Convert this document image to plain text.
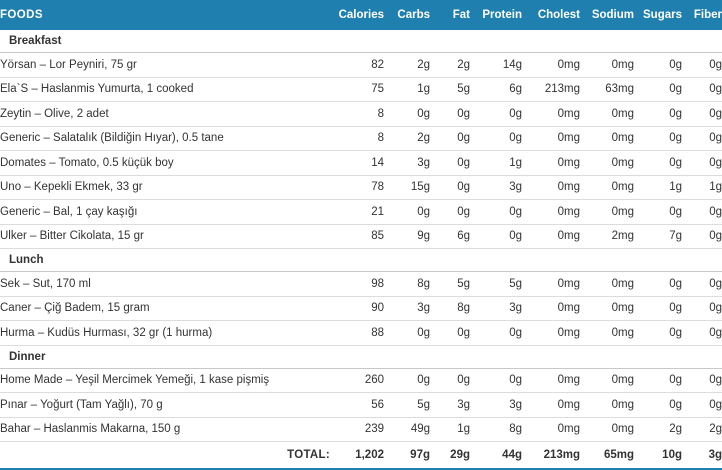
FOODS	Calories	Carbs	Fat	Protein	Cholest	Sodium	Sugars	Fiber
Breakfast								
Yörsan – Lor Peyniri, 75 gr	82	2g	2g	14g	0mg	0mg	0g	0g
Ela`S – Haslanmis Yumurta, 1 cooked	75	1g	5g	6g	213mg	63mg	0g	0g
Zeytin – Olive, 2 adet	8	0g	0g	0g	0mg	0mg	0g	0g
Generic – Salatalık (Bildiğin Hıyar), 0.5 tane	8	2g	0g	0g	0mg	0mg	0g	0g
Domates – Tomato, 0.5 küçük boy	14	3g	0g	1g	0mg	0mg	0g	0g
Uno – Kepekli Ekmek, 33 gr	78	15g	0g	3g	0mg	0mg	1g	1g
Generic – Bal, 1 çay kaşığı	21	0g	0g	0g	0mg	0mg	0g	0g
Ulker – Bitter Cikolata, 15 gr	85	9g	6g	0g	0mg	2mg	7g	0g
Lunch								
Sek – Sut, 170 ml	98	8g	5g	5g	0mg	0mg	0g	0g
Caner – Çiğ Badem, 15 gram	90	3g	8g	3g	0mg	0mg	0g	0g
Hurma – Kudüs Hurması, 32 gr (1 hurma)	88	0g	0g	0g	0mg	0mg	0g	0g
Dinner								
Home Made – Yeşil Mercimek Yemeği, 1 kase pişmiş	260	0g	0g	0g	0mg	0mg	0g	0g
Pınar – Yoğurt (Tam Yağlı), 70 g	56	5g	3g	3g	0mg	0mg	0g	0g
Bahar – Haslanmis Makarna, 150 g	239	49g	1g	8g	0mg	0mg	2g	2g
TOTAL:	1,202	97g	29g	44g	213mg	65mg	10g	3g
